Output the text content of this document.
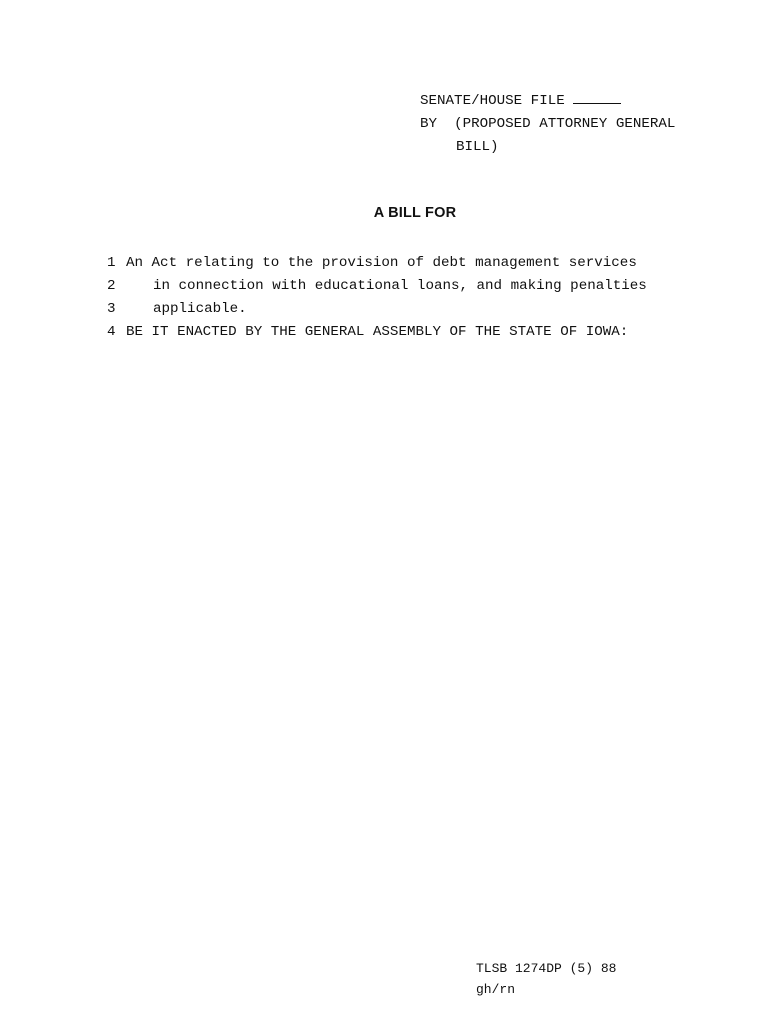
SENATE/HOUSE FILE
BY (PROPOSED ATTORNEY GENERAL
BILL)
A BILL FOR
1 An Act relating to the provision of debt management services
2	in connection with educational loans, and making penalties
3	applicable.
4 BE IT ENACTED BY THE GENERAL ASSEMBLY OF THE STATE OF IOWA:
TLSB 1274DP (5) 88
gh/rn
